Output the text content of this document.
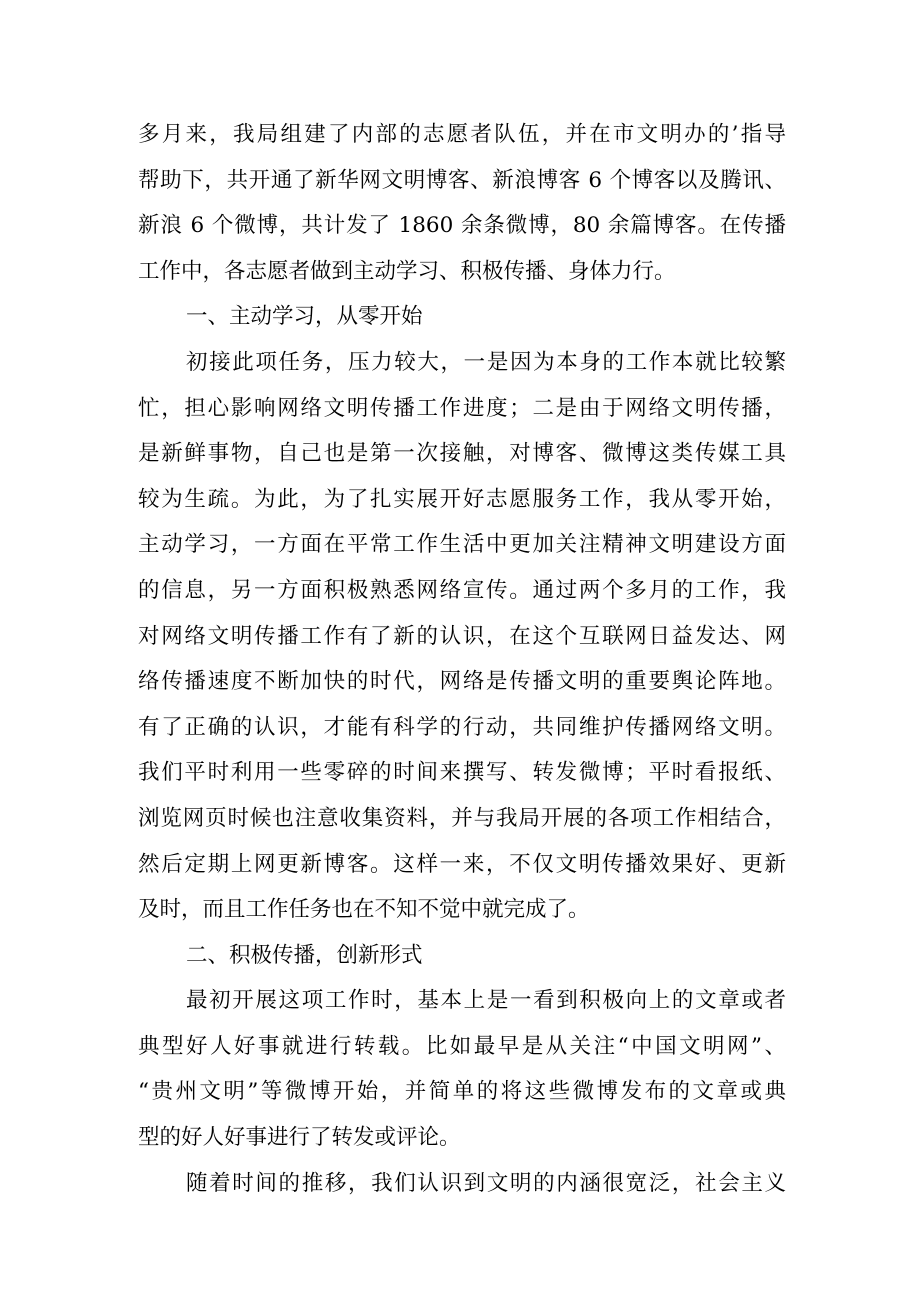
多月来，我局组建了内部的志愿者队伍，并在市文明办的’指导
帮助下，共开通了新华网文明博客、新浪博客 6 个博客以及腾讯、
新浪 6 个微博，共计发了 1860 余条微博，80 余篇博客。在传播
工作中，各志愿者做到主动学习、积极传播、身体力行。
一、主动学习，从零开始
初接此项任务，压力较大，一是因为本身的工作本就比较繁
忙，担心影响网络文明传播工作进度；二是由于网络文明传播，
是新鲜事物，自己也是第一次接触，对博客、微博这类传媒工具
较为生疏。为此，为了扎实展开好志愿服务工作，我从零开始，
主动学习，一方面在平常工作生活中更加关注精神文明建设方面
的信息，另一方面积极熟悉网络宣传。通过两个多月的工作，我
对网络文明传播工作有了新的认识，在这个互联网日益发达、网
络传播速度不断加快的时代，网络是传播文明的重要舆论阵地。
有了正确的认识，才能有科学的行动，共同维护传播网络文明。
我们平时利用一些零碎的时间来撰写、转发微博；平时看报纸、
浏览网页时候也注意收集资料，并与我局开展的各项工作相结合，
然后定期上网更新博客。这样一来，不仅文明传播效果好、更新
及时，而且工作任务也在不知不觉中就完成了。
二、积极传播，创新形式
最初开展这项工作时，基本上是一看到积极向上的文章或者
典型好人好事就进行转载。比如最早是从关注“中国文明网”、
“贵州文明”等微博开始，并简单的将这些微博发布的文章或典
型的好人好事进行了转发或评论。
随着时间的推移，我们认识到文明的内涵很宽泛，社会主义
